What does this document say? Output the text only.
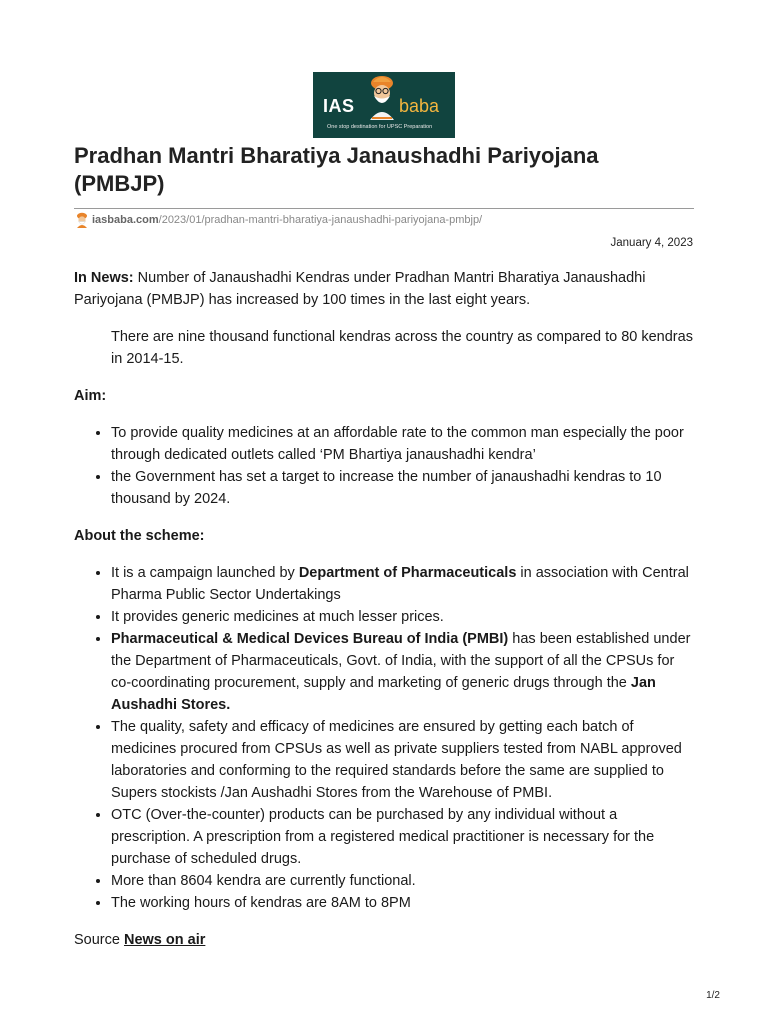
IAS baba
One stop destination for UPSC Preparation
Pradhan Mantri Bharatiya Janaushadhi Pariyojana (PMBJP)
iasbaba.com/2023/01/pradhan-mantri-bharatiya-janaushadhi-pariyojana-pmbjp/
January 4, 2023

In News: Number of Janaushadhi Kendras under Pradhan Mantri Bharatiya Janaushadhi Pariyojana (PMBJP) has increased by 100 times in the last eight years.

There are nine thousand functional kendras across the country as compared to 80 kendras in 2014-15.

Aim:

• To provide quality medicines at an affordable rate to the common man especially the poor through dedicated outlets called ‘PM Bhartiya janaushadhi kendra’
• the Government has set a target to increase the number of janaushadhi kendras to 10 thousand by 2024.

About the scheme:

• It is a campaign launched by Department of Pharmaceuticals in association with Central Pharma Public Sector Undertakings
• It provides generic medicines at much lesser prices.
• Pharmaceutical & Medical Devices Bureau of India (PMBI) has been established under the Department of Pharmaceuticals, Govt. of India, with the support of all the CPSUs for co-coordinating procurement, supply and marketing of generic drugs through the Jan Aushadhi Stores.
• The quality, safety and efficacy of medicines are ensured by getting each batch of medicines procured from CPSUs as well as private suppliers tested from NABL approved laboratories and conforming to the required standards before the same are supplied to Supers stockists /Jan Aushadhi Stores from the Warehouse of PMBI.
• OTC (Over-the-counter) products can be purchased by any individual without a prescription. A prescription from a registered medical practitioner is necessary for the purchase of scheduled drugs.
• More than 8604 kendra are currently functional.
• The working hours of kendras are 8AM to 8PM

Source News on air

1/2
